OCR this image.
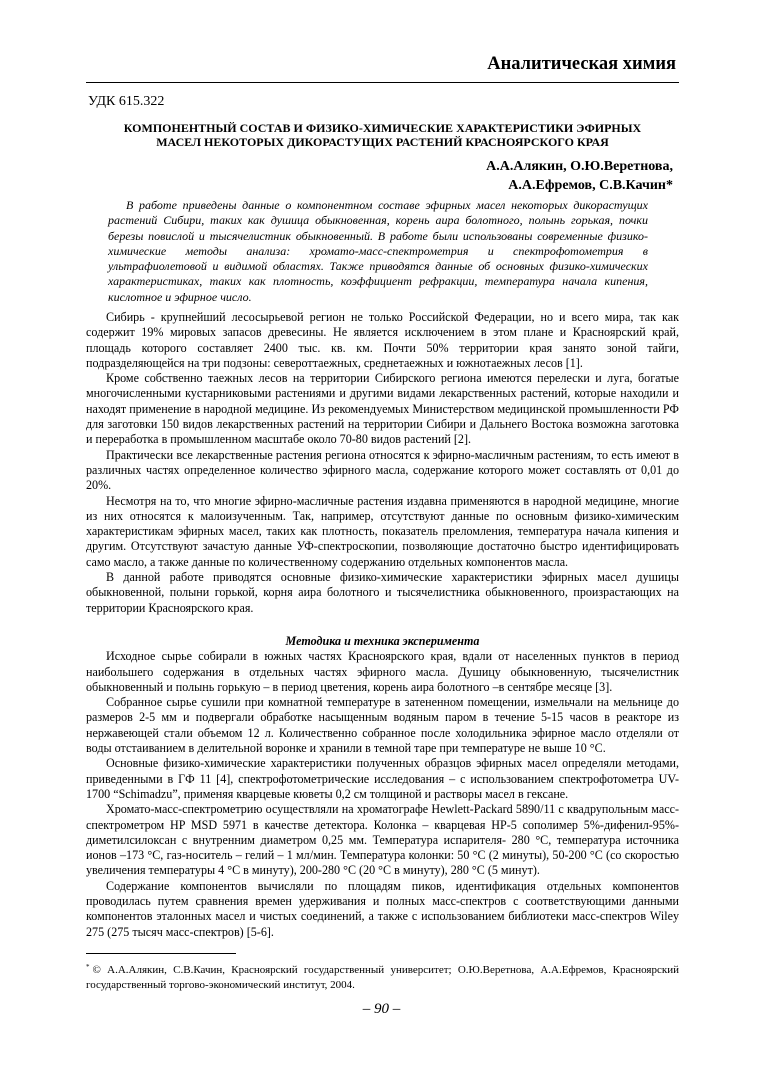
Аналитическая химия
УДК 615.322
КОМПОНЕНТНЫЙ СОСТАВ И ФИЗИКО-ХИМИЧЕСКИЕ ХАРАКТЕРИСТИКИ ЭФИРНЫХ
МАСЕЛ НЕКОТОРЫХ ДИКОРАСТУЩИХ РАСТЕНИЙ КРАСНОЯРСКОГО КРАЯ
А.А.Алякин, О.Ю.Веретнова,
А.А.Ефремов, С.В.Качин*
В работе приведены данные о компонентном составе эфирных масел некоторых дикорастущих растений Сибири, таких как душица обыкновенная, корень аира болотного, полынь горькая, почки березы повислой и тысячелистник обыкновенный. В работе были использованы современные физико-химические методы анализа: хромато-масс-спектрометрия и спектрофотометрия в ультрафиолетовой и видимой областях. Также приводятся данные об основных физико-химических характеристиках, таких как плотность, коэффициент рефракции, температура начала кипения, кислотное и эфирное число.

Сибирь - крупнейший лесосырьевой регион не только Российской Федерации, но и всего мира, так как содержит 19% мировых запасов древесины. Не является исключением в этом плане и Красноярский край, площадь которого составляет 2400 тыс. кв. км. Почти 50% территории края занято зоной тайги, подразделяющейся на три подзоны: североттаежных, среднетаежных и южнотаежных лесов [1].

Кроме собственно таежных лесов на территории Сибирского региона имеются перелески и луга, богатые многочисленными кустарниковыми растениями и другими видами лекарственных растений, которые находили и находят применение в народной медицине. Из рекомендуемых Министерством медицинской промышленности РФ для заготовки 150 видов лекарственных растений на территории Сибири и Дальнего Востока возможна заготовка и переработка в промышленном масштабе около 70-80 видов растений [2].

Практически все лекарственные растения региона относятся к эфирно-масличным растениям, то есть имеют в различных частях определенное количество эфирного масла, содержание которого может составлять от 0,01 до 20%.

Несмотря на то, что многие эфирно-масличные растения издавна применяются в народной медицине, многие из них относятся к малоизученным. Так, например, отсутствуют данные по основным физико-химическим характеристикам эфирных масел, таких как плотность, показатель преломления, температура начала кипения и другим. Отсутствуют зачастую данные УФ-спектроскопии, позволяющие достаточно быстро идентифицировать само масло, а также данные по количественному содержанию отдельных компонентов масла.

В данной работе приводятся основные физико-химические характеристики эфирных масел душицы обыкновенной, полыни горькой, корня аира болотного и тысячелистника обыкновенного, произрастающих на территории Красноярского края.

Методика и техника эксперимента

Исходное сырье собирали в южных частях Красноярского края, вдали от населенных пунктов в период наибольшего содержания в отдельных частях эфирного масла. Душицу обыкновенную, тысячелистник обыкновенный и полынь горькую – в период цветения, корень аира болотного –в сентябре месяце [3].

Собранное сырье сушили при комнатной температуре в затененном помещении, измельчали на мельнице до размеров 2-5 мм и подвергали обработке насыщенным водяным паром в течение 5-15 часов в реакторе из нержавеющей стали объемом 12 л. Количественно собранное после холодильника эфирное масло отделяли от воды отстаиванием в делительной воронке и хранили в темной таре при температуре не выше 10 °С.

Основные физико-химические характеристики полученных образцов эфирных масел определяли методами, приведенными в ГФ 11 [4], спектрофотометрические исследования – с использованием спектрофотометра UV-1700 “Schimadzu”, применяя кварцевые кюветы 0,2 см толщиной и растворы масел в гексане.

Хромато-масс-спектрометрию осуществляли на хроматографе Hewlett-Packard 5890/11 с квадрупольным масс-спектрометром HP MSD 5971 в качестве детектора. Колонка – кварцевая HP-5 сополимер 5%-дифенил-95%-диметилсилоксан с внутренним диаметром 0,25 мм. Температура испарителя- 280 °С, температура источника ионов –173 °С, газ-носитель – гелий – 1 мл/мин. Температура колонки: 50 °С (2 минуты), 50-200 °С (со скоростью увеличения температуры 4 °С в минуту), 200-280 °С (20 °С в минуту), 280 °С (5 минут).

Содержание компонентов вычисляли по площадям пиков, идентификация отдельных компонентов проводилась путем сравнения времен удерживания и полных масс-спектров с соответствующими данными компонентов эталонных масел и чистых соединений, а также с использованием библиотеки масс-спектров Wiley 275 (275 тысяч масс-спектров) [5-6].

* © А.А.Алякин, С.В.Качин, Красноярский государственный университет; О.Ю.Веретнова, А.А.Ефремов, Красноярский государственный торгово-экономический институт, 2004.
– 90 –
